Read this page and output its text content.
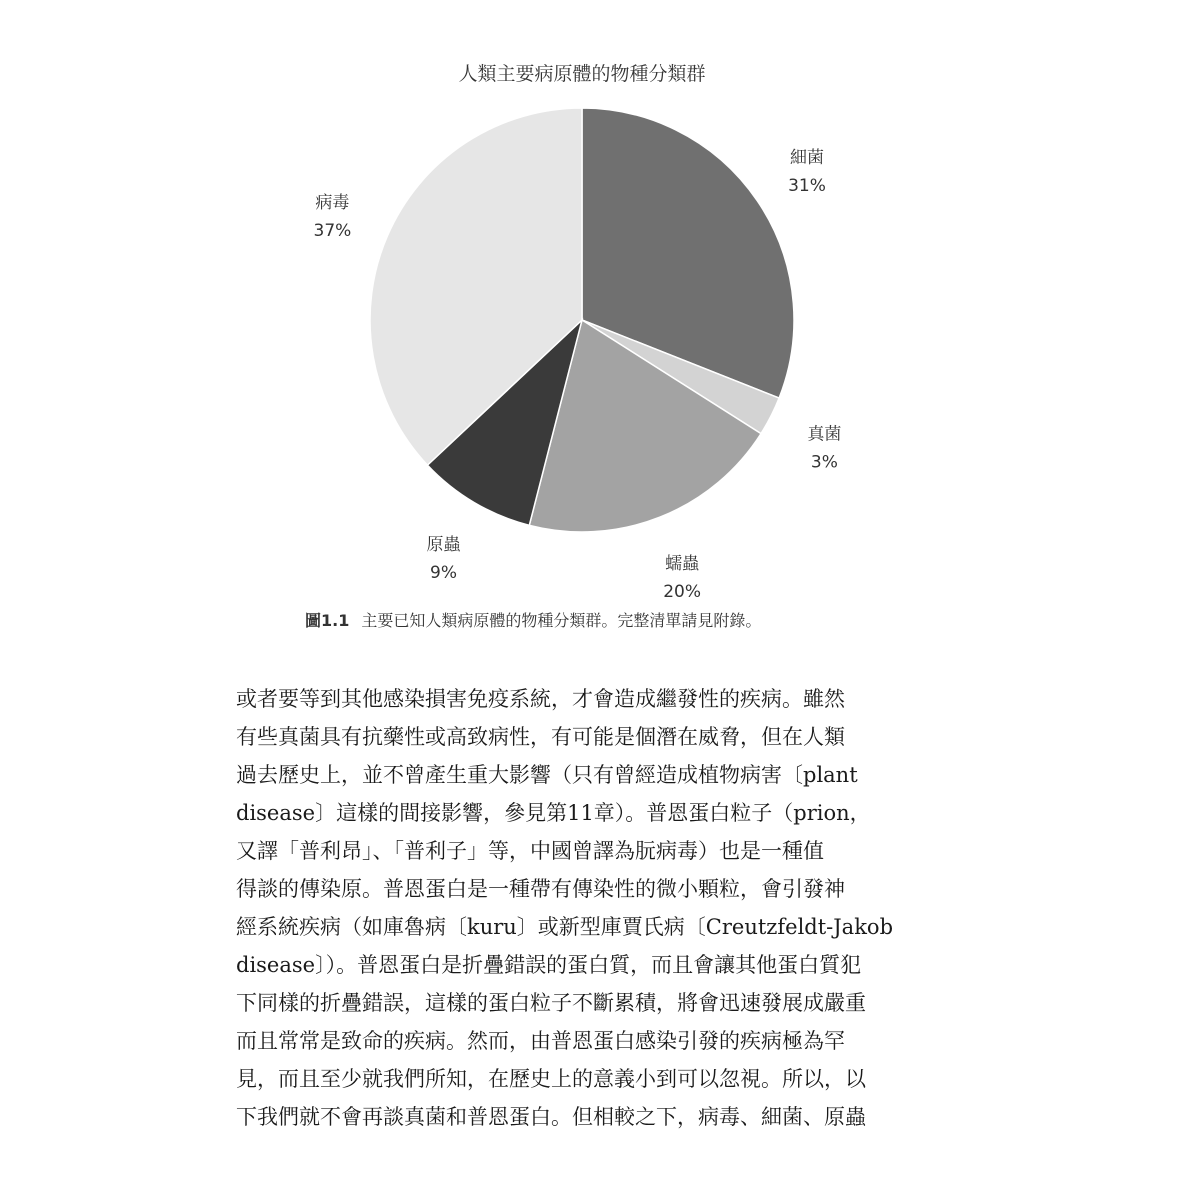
人類主要病原體的物種分類群
細菌
31%
真菌
3%
蠕蟲
20%
原蟲
9%
病毒
37%
圖1.1 主要已知人類病原體的物種分類群。完整清單請見附錄。
或者要等到其他感染損害免疫系統，才會造成繼發性的疾病。雖然
有些真菌具有抗藥性或高致病性，有可能是個潛在威脅，但在人類
過去歷史上，並不曾產生重大影響（只有曾經造成植物病害〔plant
disease〕這樣的間接影響，參見第11章）。普恩蛋白粒子（prion，
又譯「普利昂」、「普利子」等，中國曾譯為朊病毒）也是一種值
得談的傳染原。普恩蛋白是一種帶有傳染性的微小顆粒，會引發神
經系統疾病（如庫魯病〔kuru〕或新型庫賈氏病〔Creutzfeldt-Jakob
disease〕）。普恩蛋白是折疊錯誤的蛋白質，而且會讓其他蛋白質犯
下同樣的折疊錯誤，這樣的蛋白粒子不斷累積，將會迅速發展成嚴重
而且常常是致命的疾病。然而，由普恩蛋白感染引發的疾病極為罕
見，而且至少就我們所知，在歷史上的意義小到可以忽視。所以，以
下我們就不會再談真菌和普恩蛋白。但相較之下，病毒、細菌、原蟲
